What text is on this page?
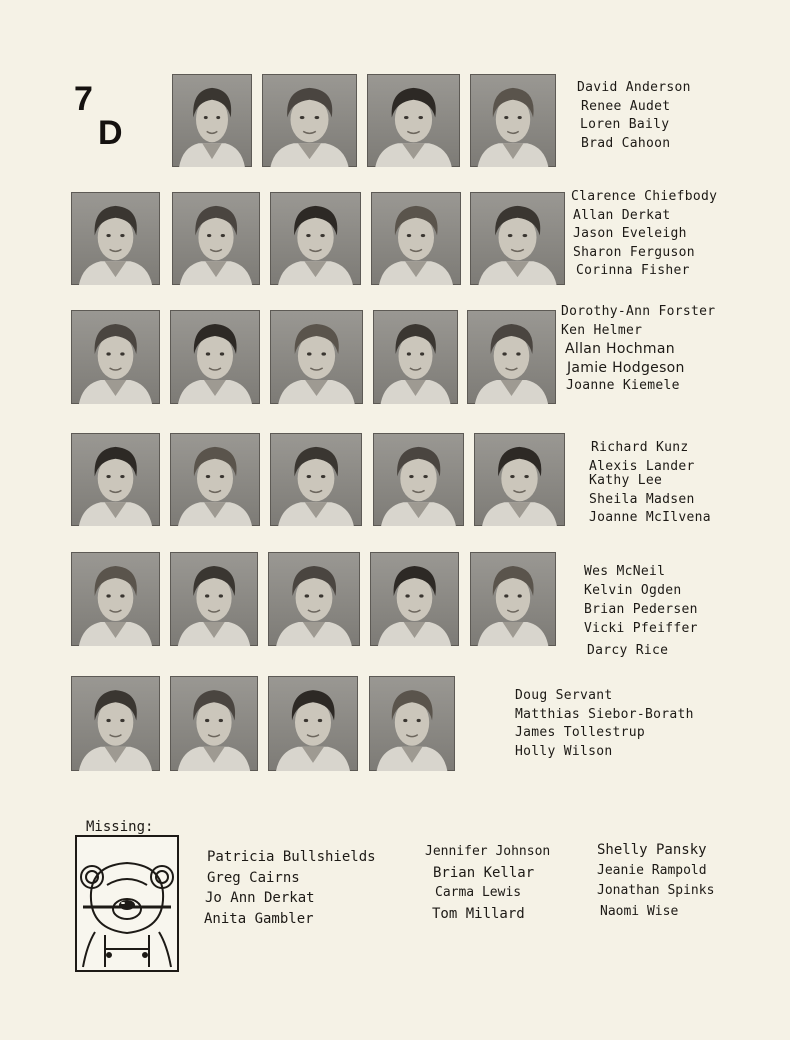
7
D
David Anderson
Renee Audet
Loren Baily
Brad Cahoon
Clarence Chiefbody
Allan Derkat
Jason Eveleigh
Sharon Ferguson
Corinna Fisher
Dorothy-Ann Forster
Ken Helmer
Allan Hochman
Jamie Hodgeson
Joanne Kiemele
Richard Kunz
Alexis Lander
Kathy Lee
Sheila Madsen
Joanne McIlvena
Wes McNeil
Kelvin Ogden
Brian Pedersen
Vicki Pfeiffer
Darcy Rice
Doug Servant
Matthias Siebor-Borath
James Tollestrup
Holly Wilson
Missing:
Patricia Bullshields
Greg Cairns
Jo Ann Derkat
Anita Gambler
Jennifer Johnson
Brian Kellar
Carma Lewis
Tom Millard
Shelly Pansky
Jeanie Rampold
Jonathan Spinks
Naomi Wise
